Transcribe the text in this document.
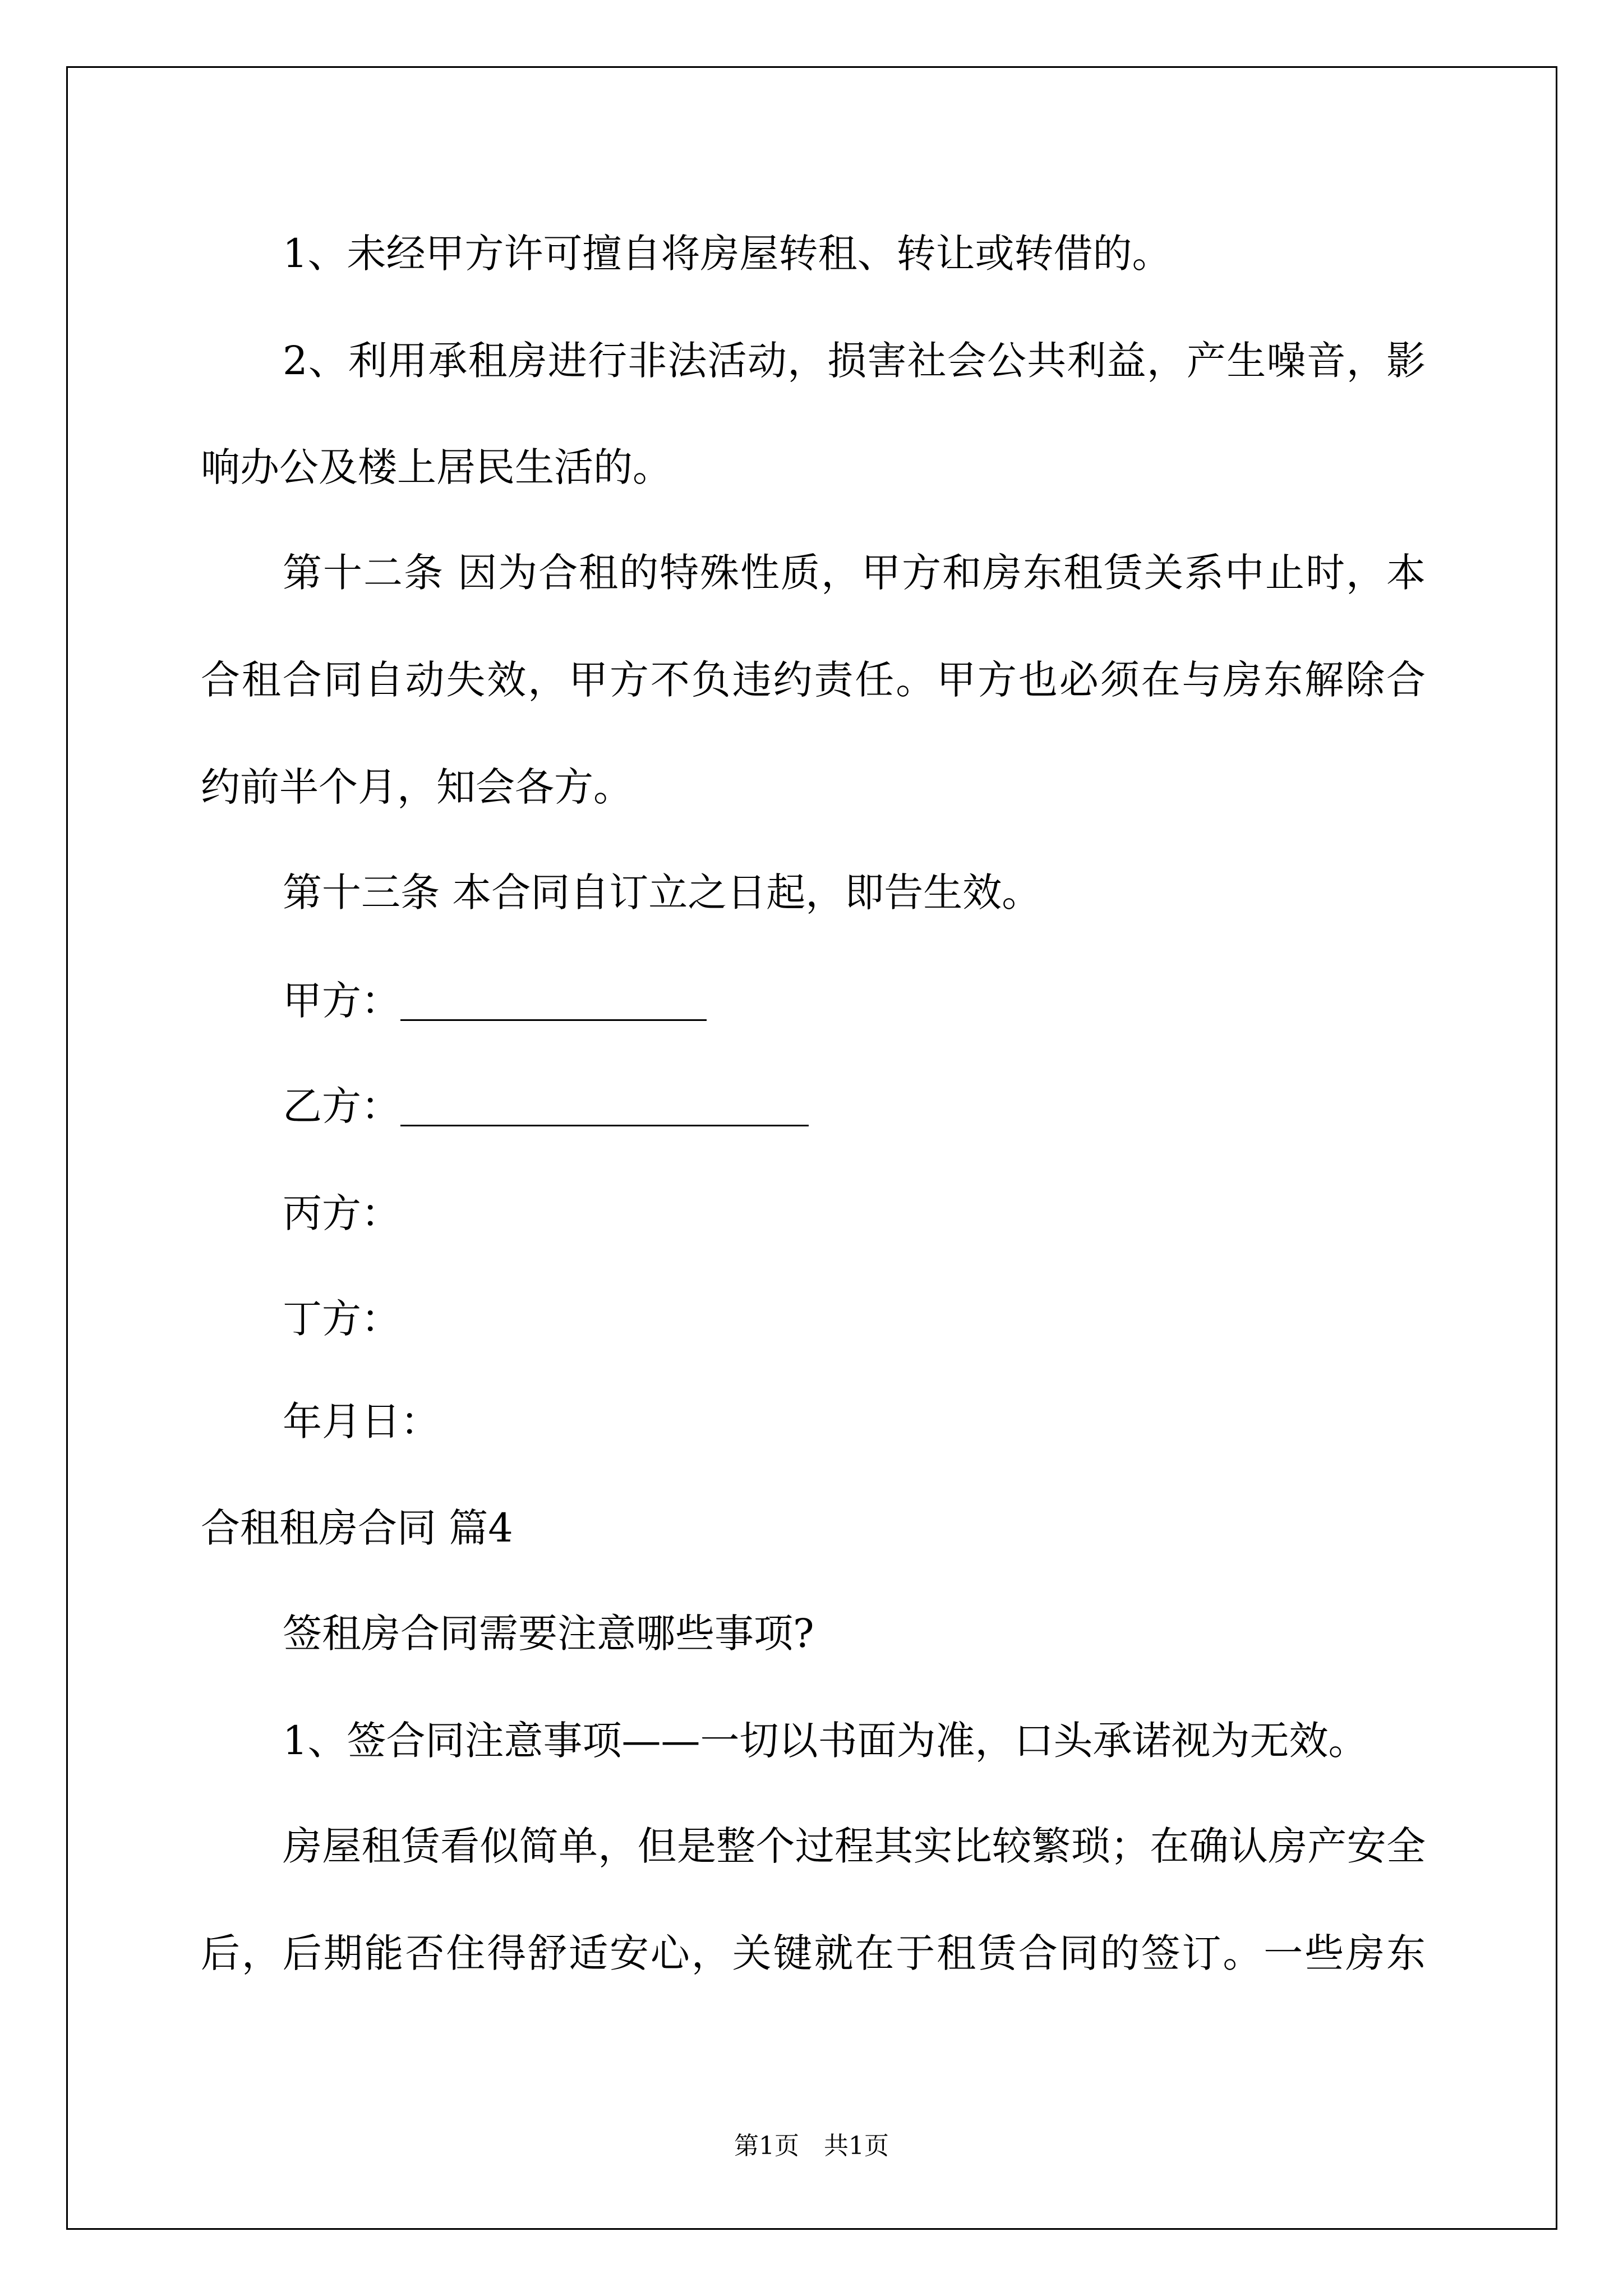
1、未经甲方许可擅自将房屋转租、转让或转借的。
2、利用承租房进行非法活动，损害社会公共利益，产生噪音，影
响办公及楼上居民生活的。
第十二条 因为合租的特殊性质，甲方和房东租赁关系中止时，本
合租合同自动失效，甲方不负违约责任。甲方也必须在与房东解除合
约前半个月，知会各方。
第十三条 本合同自订立之日起，即告生效。
甲方：
乙方：
丙方：
丁方：
年月日：
合租租房合同 篇4
签租房合同需要注意哪些事项?
1、签合同注意事项——一切以书面为准，口头承诺视为无效。
房屋租赁看似简单，但是整个过程其实比较繁琐；在确认房产安全
后，后期能否住得舒适安心，关键就在于租赁合同的签订。一些房东
第1页　共1页
